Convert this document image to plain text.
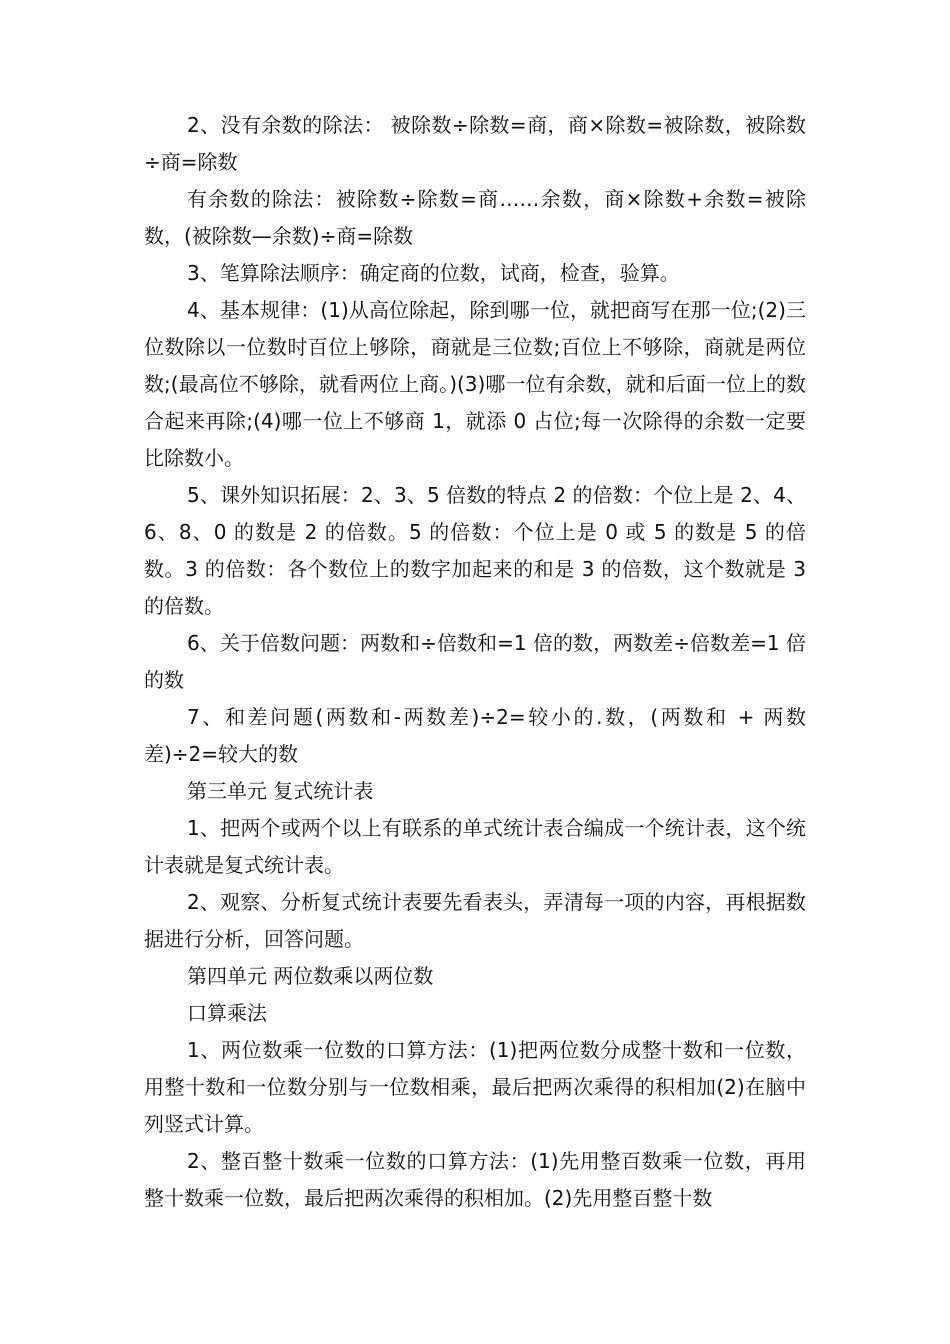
2、没有余数的除法： 被除数÷除数=商，商×除数=被除数，被除数÷商=除数

有余数的除法：被除数÷除数=商……余数，商×除数+余数=被除数，(被除数—余数)÷商=除数

3、笔算除法顺序：确定商的位数，试商，检查，验算。

4、基本规律：(1)从高位除起，除到哪一位，就把商写在那一位;(2)三位数除以一位数时百位上够除，商就是三位数;百位上不够除，商就是两位数;(最高位不够除，就看两位上商。)(3)哪一位有余数，就和后面一位上的数合起来再除;(4)哪一位上不够商 1，就添 0 占位;每一次除得的余数一定要比除数小。

5、课外知识拓展：2、3、5 倍数的特点 2 的倍数：个位上是 2、4、6、8、0 的数是 2 的倍数。5 的倍数：个位上是 0 或 5 的数是 5 的倍数。3 的倍数：各个数位上的数字加起来的和是 3 的倍数，这个数就是 3 的倍数。

6、关于倍数问题：两数和÷倍数和=1 倍的数，两数差÷倍数差=1 倍的数

7、和差问题(两数和-两数差)÷2=较小的.数，(两数和 + 两数差)÷2=较大的数

第三单元 复式统计表

1、把两个或两个以上有联系的单式统计表合编成一个统计表，这个统计表就是复式统计表。

2、观察、分析复式统计表要先看表头，弄清每一项的内容，再根据数据进行分析，回答问题。

第四单元 两位数乘以两位数

口算乘法

1、两位数乘一位数的口算方法：(1)把两位数分成整十数和一位数，用整十数和一位数分别与一位数相乘，最后把两次乘得的积相加(2)在脑中列竖式计算。

2、整百整十数乘一位数的口算方法：(1)先用整百数乘一位数，再用整十数乘一位数，最后把两次乘得的积相加。(2)先用整百整十数
